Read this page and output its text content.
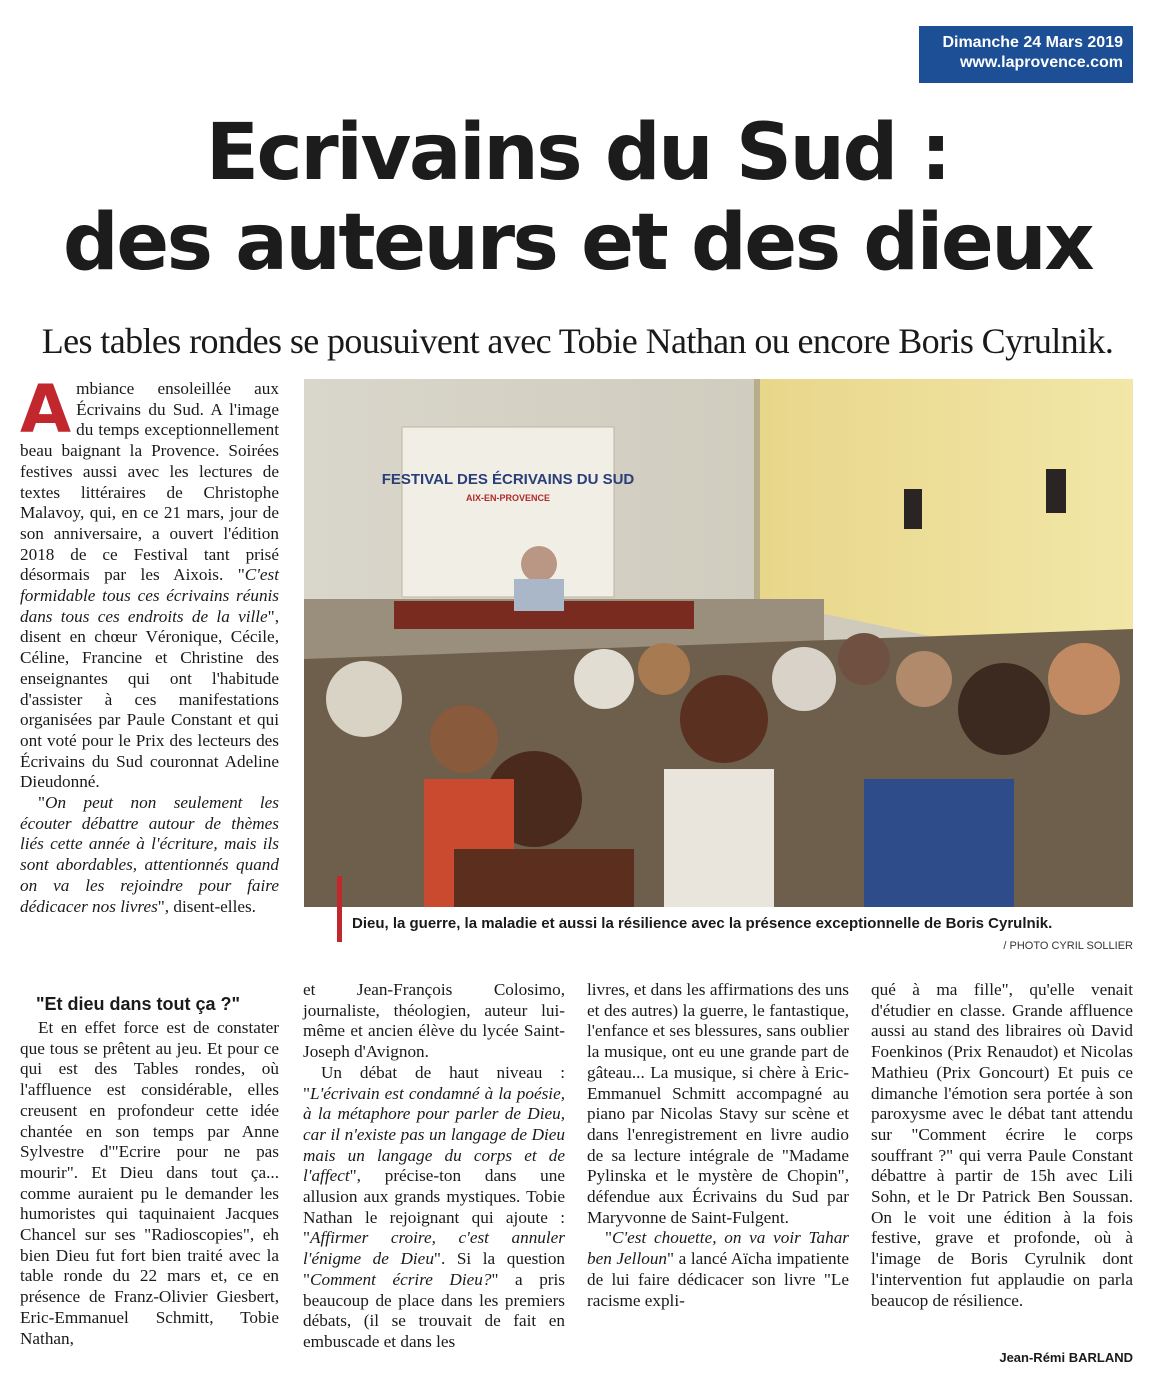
Dimanche 24 Mars 2019
www.laprovence.com
Ecrivains du Sud :
des auteurs et des dieux
Les tables rondes se pousuivent avec Tobie Nathan ou encore Boris Cyrulnik.

Ambiance ensoleillée aux Écrivains du Sud. A l'image du temps exceptionnellement beau baignant la Provence. Soirées festives aussi avec les lectures de textes littéraires de Christophe Malavoy, qui, en ce 21 mars, jour de son anniversaire, a ouvert l'édition 2018 de ce Festival tant prisé désormais par les Aixois. "C'est formidable tous ces écrivains réunis dans tous ces endroits de la ville", disent en chœur Véronique, Cécile, Céline, Francine et Christine des enseignantes qui ont l'habitude d'assister à ces manifestations organisées par Paule Constant et qui ont voté pour le Prix des lecteurs des Écrivains du Sud couronnat Adeline Dieudonné.

"On peut non seulement les écouter débattre autour de thèmes liés cette année à l'écriture, mais ils sont abordables, attentionnés quand on va les rejoindre pour faire dédicacer nos livres", disent-elles.

"Et dieu dans tout ça ?"

Et en effet force est de constater que tous se prêtent au jeu. Et pour ce qui est des Tables rondes, où l'affluence est considérable, elles creusent en profondeur cette idée chantée en son temps par Anne Sylvestre d'"Ecrire pour ne pas mourir". Et Dieu dans tout ça... comme auraient pu le demander les humoristes qui taquinaient Jacques Chancel sur ses "Radioscopies", eh bien Dieu fut fort bien traité avec la table ronde du 22 mars et, ce en présence de Franz-Olivier Giesbert, Eric-Emmanuel Schmitt, Tobie Nathan,

FESTIVAL DES ÉCRIVAINS DU SUD
AIX-EN-PROVENCE
Dieu, la guerre, la maladie et aussi la résilience avec la présence exceptionnelle de Boris Cyrulnik.
/ PHOTO CYRIL SOLLIER

et Jean-François Colosimo, journaliste, théologien, auteur lui-même et ancien élève du lycée Saint-Joseph d'Avignon.

Un débat de haut niveau : "L'écrivain est condamné à la poésie, à la métaphore pour parler de Dieu, car il n'existe pas un langage de Dieu mais un langage du corps et de l'affect", précise-ton dans une allusion aux grands mystiques. Tobie Nathan le rejoignant qui ajoute : "Affirmer croire, c'est annuler l'énigme de Dieu". Si la question "Comment écrire Dieu?" a pris beaucoup de place dans les premiers débats, (il se trouvait de fait en embuscade et dans les

livres, et dans les affirmations des uns et des autres) la guerre, le fantastique, l'enfance et ses blessures, sans oublier la musique, ont eu une grande part de gâteau... La musique, si chère à Eric-Emmanuel Schmitt accompagné au piano par Nicolas Stavy sur scène et dans l'enregistrement en livre audio de sa lecture intégrale de "Madame Pylinska et le mystère de Chopin", défendue aux Écrivains du Sud par Maryvonne de Saint-Fulgent.

"C'est chouette, on va voir Tahar ben Jelloun" a lancé Aïcha impatiente de lui faire dédicacer son livre "Le racisme expli-

qué à ma fille", qu'elle venait d'étudier en classe. Grande affluence aussi au stand des libraires où David Foenkinos (Prix Renaudot) et Nicolas Mathieu (Prix Goncourt) Et puis ce dimanche l'émotion sera portée à son paroxysme avec le débat tant attendu sur "Comment écrire le corps souffrant ?" qui verra Paule Constant débattre à partir de 15h avec Lili Sohn, et le Dr Patrick Ben Soussan. On le voit une édition à la fois festive, grave et profonde, où à l'image de Boris Cyrulnik dont l'intervention fut applaudie on parla beaucop de résilience.

Jean-Rémi BARLAND
